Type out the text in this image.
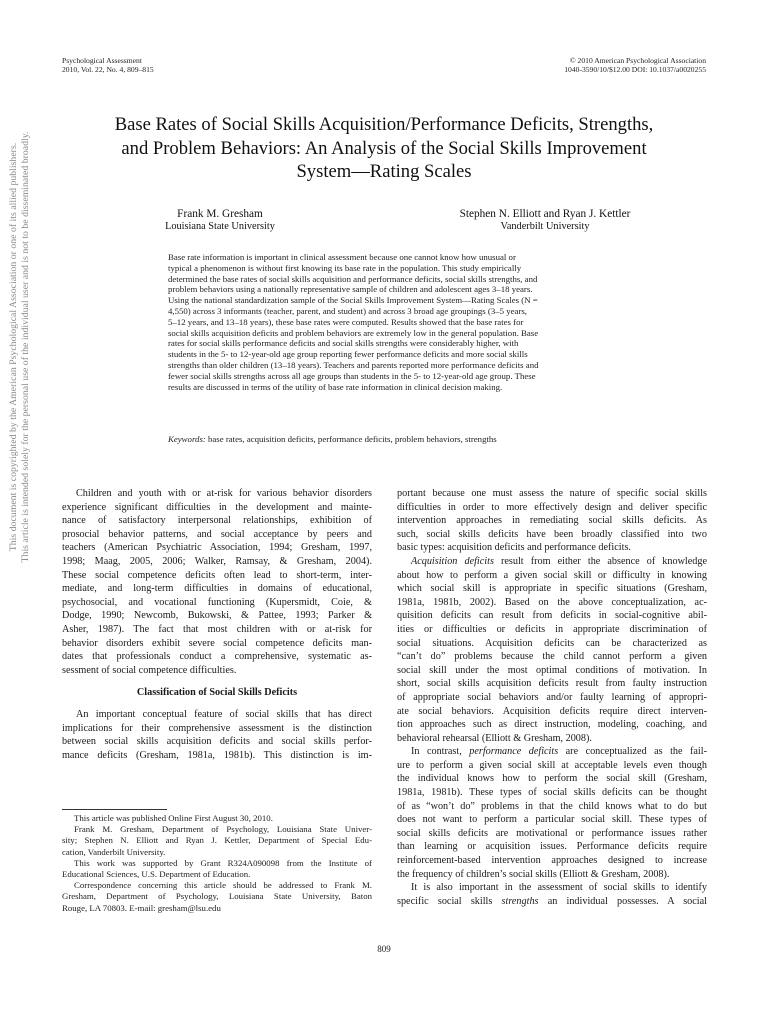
Psychological Assessment
2010, Vol. 22, No. 4, 809–815
© 2010 American Psychological Association
1040-3590/10/$12.00 DOI: 10.1037/a0020255
Base Rates of Social Skills Acquisition/Performance Deficits, Strengths,
and Problem Behaviors: An Analysis of the Social Skills Improvement
System—Rating Scales
Frank M. Gresham
Louisiana State University
Stephen N. Elliott and Ryan J. Kettler
Vanderbilt University
Base rate information is important in clinical assessment because one cannot know how unusual or
typical a phenomenon is without first knowing its base rate in the population. This study empirically
determined the base rates of social skills acquisition and performance deficits, social skills strengths, and
problem behaviors using a nationally representative sample of children and adolescent ages 3–18 years.
Using the national standardization sample of the Social Skills Improvement System—Rating Scales (N =
4,550) across 3 informants (teacher, parent, and student) and across 3 broad age groupings (3–5 years,
5–12 years, and 13–18 years), these base rates were computed. Results showed that the base rates for
social skills acquisition deficits and problem behaviors are extremely low in the general population. Base
rates for social skills performance deficits and social skills strengths were considerably higher, with
students in the 5- to 12-year-old age group reporting fewer performance deficits and more social skills
strengths than older children (13–18 years). Teachers and parents reported more performance deficits and
fewer social skills strengths across all age groups than students in the 5- to 12-year-old age group. These
results are discussed in terms of the utility of base rate information in clinical decision making.
Keywords: base rates, acquisition deficits, performance deficits, problem behaviors, strengths
Children and youth with or at-risk for various behavior disorders
experience significant difficulties in the development and mainte-
nance of satisfactory interpersonal relationships, exhibition of
prosocial behavior patterns, and social acceptance by peers and
teachers (American Psychiatric Association, 1994; Gresham, 1997,
1998; Maag, 2005, 2006; Walker, Ramsay, & Gresham, 2004).
These social competence deficits often lead to short-term, inter-
mediate, and long-term difficulties in domains of educational,
psychosocial, and vocational functioning (Kupersmidt, Coie, &
Dodge, 1990; Newcomb, Bukowski, & Pattee, 1993; Parker &
Asher, 1987). The fact that most children with or at-risk for
behavior disorders exhibit severe social competence deficits man-
dates that professionals conduct a comprehensive, systematic as-
sessment of social competence difficulties.
Classification of Social Skills Deficits
An important conceptual feature of social skills that has direct
implications for their comprehensive assessment is the distinction
between social skills acquisition deficits and social skills perfor-
mance deficits (Gresham, 1981a, 1981b). This distinction is im-
This article was published Online First August 30, 2010.
Frank M. Gresham, Department of Psychology, Louisiana State Univer-
sity; Stephen N. Elliott and Ryan J. Kettler, Department of Special Edu-
cation, Vanderbilt University.
This work was supported by Grant R324A090098 from the Institute of
Educational Sciences, U.S. Department of Education.
Correspondence concerning this article should be addressed to Frank M.
Gresham, Department of Psychology, Louisiana State University, Baton
Rouge, LA 70803. E-mail: gresham@lsu.edu
portant because one must assess the nature of specific social skills
difficulties in order to more effectively design and deliver specific
intervention approaches in remediating social skills deficits. As
such, social skills deficits have been broadly classified into two
basic types: acquisition deficits and performance deficits.
Acquisition deficits result from either the absence of knowledge
about how to perform a given social skill or difficulty in knowing
which social skill is appropriate in specific situations (Gresham,
1981a, 1981b, 2002). Based on the above conceptualization, ac-
quisition deficits can result from deficits in social-cognitive abil-
ities or difficulties or deficits in appropriate discrimination of
social situations. Acquisition deficits can be characterized as
“can’t do” problems because the child cannot perform a given
social skill under the most optimal conditions of motivation. In
short, social skills acquisition deficits result from faulty instruction
of appropriate social behaviors and/or faulty learning of appropri-
ate social behaviors. Acquisition deficits require direct interven-
tion approaches such as direct instruction, modeling, coaching, and
behavioral rehearsal (Elliott & Gresham, 2008).
In contrast, performance deficits are conceptualized as the fail-
ure to perform a given social skill at acceptable levels even though
the individual knows how to perform the social skill (Gresham,
1981a, 1981b). These types of social skills deficits can be thought
of as “won’t do” problems in that the child knows what to do but
does not want to perform a particular social skill. These types of
social skills deficits are motivational or performance issues rather
than learning or acquisition issues. Performance deficits require
reinforcement-based intervention approaches designed to increase
the frequency of children’s social skills (Elliott & Gresham, 2008).
It is also important in the assessment of social skills to identify
specific social skills strengths an individual possesses. A social
809
This document is copyrighted by the American Psychological Association or one of its allied publishers. This article is intended solely for the personal use of the individual user and is not to be disseminated broadly.
